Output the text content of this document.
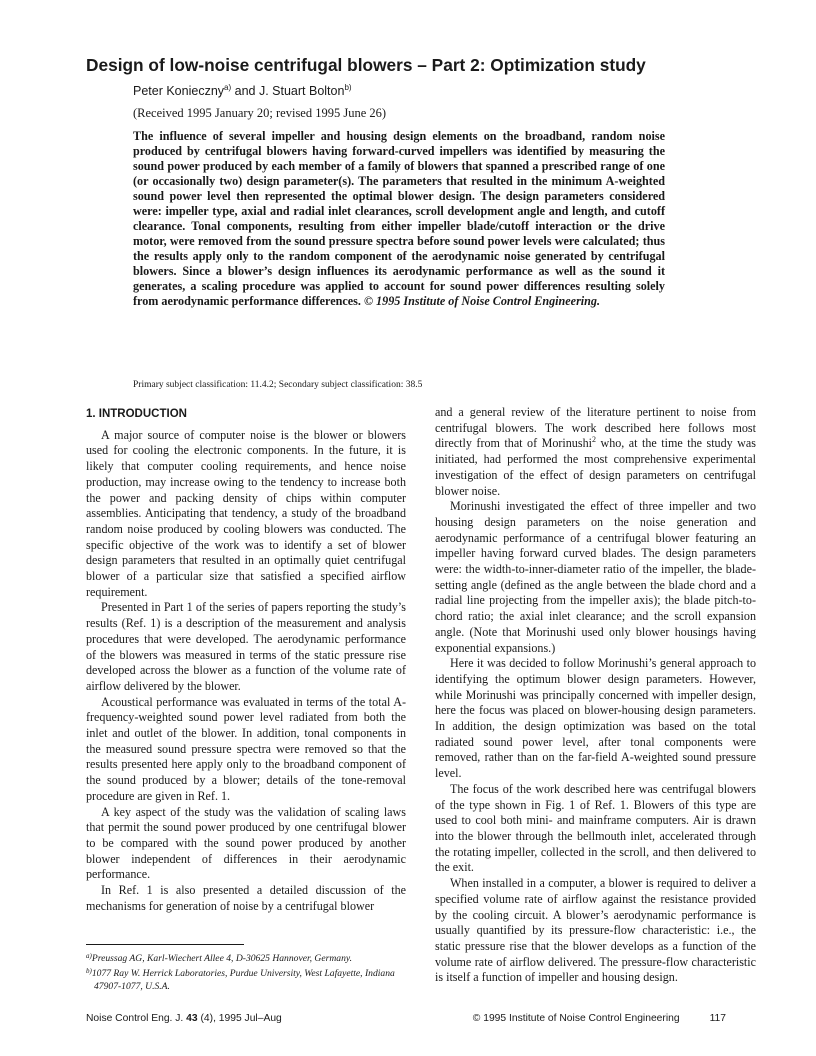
Design of low-noise centrifugal blowers – Part 2: Optimization study
Peter Konieczny$^{a)}$ and J. Stuart Bolton$^{b)}$
(Received 1995 January 20; revised 1995 June 26)
The influence of several impeller and housing design elements on the broadband, random noise produced by centrifugal blowers having forward-curved impellers was identified by measuring the sound power produced by each member of a family of blowers that spanned a prescribed range of one (or occasionally two) design parameter(s). The parameters that resulted in the minimum A-weighted sound power level then represented the optimal blower design. The design parameters considered were: impeller type, axial and radial inlet clearances, scroll development angle and length, and cutoff clearance. Tonal components, resulting from either impeller blade/cutoff interaction or the drive motor, were removed from the sound pressure spectra before sound power levels were calculated; thus the results apply only to the random component of the aerodynamic noise generated by centrifugal blowers. Since a blower’s design influences its aerodynamic performance as well as the sound it generates, a scaling procedure was applied to account for sound power differences resulting solely from aerodynamic performance differences. © 1995 Institute of Noise Control Engineering.
Primary subject classification: 11.4.2; Secondary subject classification: 38.5
1. INTRODUCTION

A major source of computer noise is the blower or blowers used for cooling the electronic components. In the future, it is likely that computer cooling requirements, and hence noise production, may increase owing to the tendency to increase both the power and packing density of chips within computer assemblies. Anticipating that tendency, a study of the broadband random noise produced by cooling blowers was conducted. The specific objective of the work was to identify a set of blower design parameters that resulted in an optimally quiet centrifugal blower of a particular size that satisfied a specified airflow requirement.

Presented in Part 1 of the series of papers reporting the study’s results (Ref. 1) is a description of the measurement and analysis procedures that were developed. The aerodynamic performance of the blowers was measured in terms of the static pressure rise developed across the blower as a function of the volume rate of airflow delivered by the blower.

Acoustical performance was evaluated in terms of the total A-frequency-weighted sound power level radiated from both the inlet and outlet of the blower. In addition, tonal components in the measured sound pressure spectra were removed so that the results presented here apply only to the broadband component of the sound produced by a blower; details of the tone-removal procedure are given in Ref. 1.

A key aspect of the study was the validation of scaling laws that permit the sound power produced by one centrifugal blower to be compared with the sound power produced by another blower independent of differences in their aerodynamic performance.

In Ref. 1 is also presented a detailed discussion of the mechanisms for generation of noise by a centrifugal blower

and a general review of the literature pertinent to noise from centrifugal blowers. The work described here follows most directly from that of Morinushi$^2$ who, at the time the study was initiated, had performed the most comprehensive experimental investigation of the effect of design parameters on centrifugal blower noise.

Morinushi investigated the effect of three impeller and two housing design parameters on the noise generation and aerodynamic performance of a centrifugal blower featuring an impeller having forward curved blades. The design parameters were: the width-to-inner-diameter ratio of the impeller, the blade-setting angle (defined as the angle between the blade chord and a radial line projecting from the impeller axis); the blade pitch-to-chord ratio; the axial inlet clearance; and the scroll expansion angle. (Note that Morinushi used only blower housings having exponential expansions.)

Here it was decided to follow Morinushi’s general approach to identifying the optimum blower design parameters. However, while Morinushi was principally concerned with impeller design, here the focus was placed on blower-housing design parameters. In addition, the design optimization was based on the total radiated sound power level, after tonal components were removed, rather than on the far-field A-weighted sound pressure level.

The focus of the work described here was centrifugal blowers of the type shown in Fig. 1 of Ref. 1. Blowers of this type are used to cool both mini- and mainframe computers. Air is drawn into the blower through the bellmouth inlet, accelerated through the rotating impeller, collected in the scroll, and then delivered to the exit.

When installed in a computer, a blower is required to deliver a specified volume rate of airflow against the resistance provided by the cooling circuit. A blower’s aerodynamic performance is usually quantified by its pressure-flow characteristic: i.e., the static pressure rise that the blower develops as a function of the volume rate of airflow delivered. The pressure-flow characteristic is itself a function of impeller and housing design.

$^{a)}$Preussag AG, Karl-Wiechert Allee 4, D-30625 Hannover, Germany.

$^{b)}$1077 Ray W. Herrick Laboratories, Purdue University, West Lafayette, Indiana 47907-1077, U.S.A.

Noise Control Eng. J. 43 (4), 1995 Jul–Aug	© 1995 Institute of Noise Control Engineering	117
